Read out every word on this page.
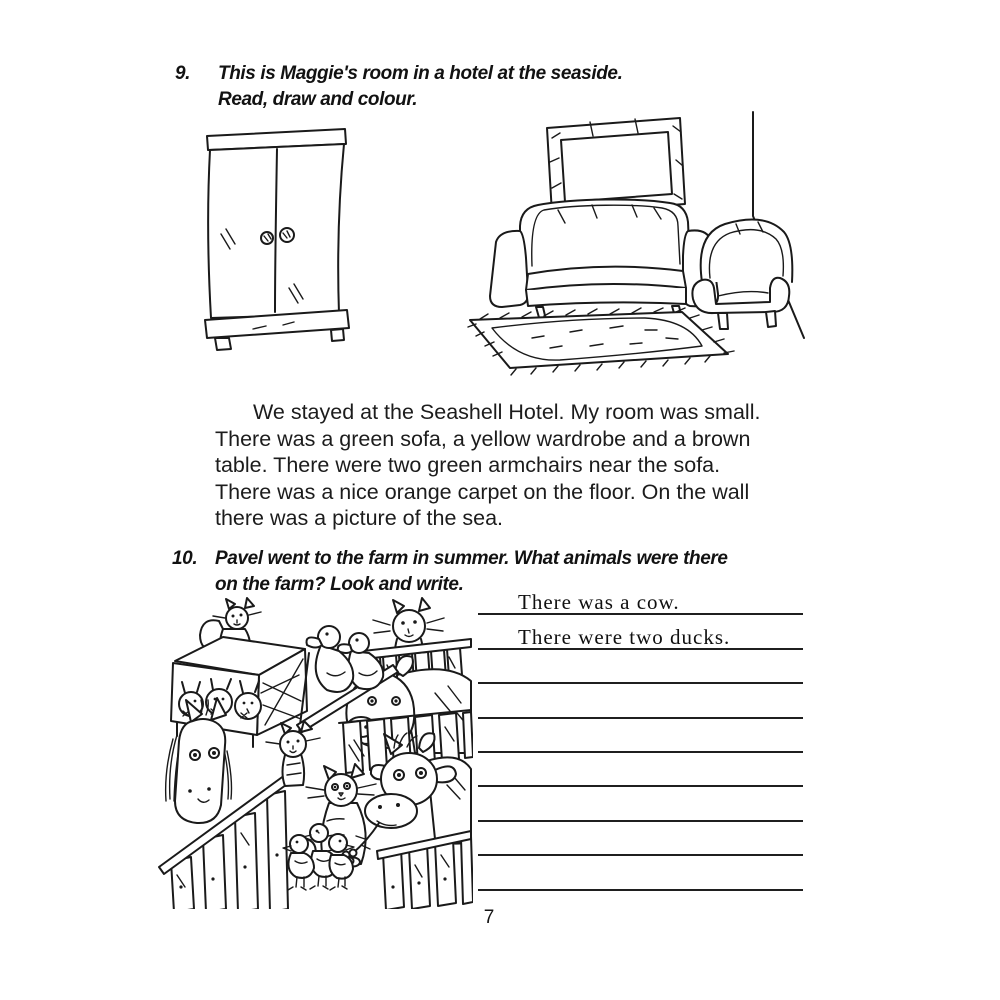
9.	This is Maggie's room in a hotel at the seaside.
Read, draw and colour.
We stayed at the Seashell Hotel. My room was small.
There was a green sofa, a yellow wardrobe and a brown
table. There were two green armchairs near the sofa.
There was a nice orange carpet on the floor. On the wall
there was a picture of the sea.
10. Pavel went to the farm in summer. What animals were there
on the farm? Look and write.
There was a cow.
There were two ducks.
7
